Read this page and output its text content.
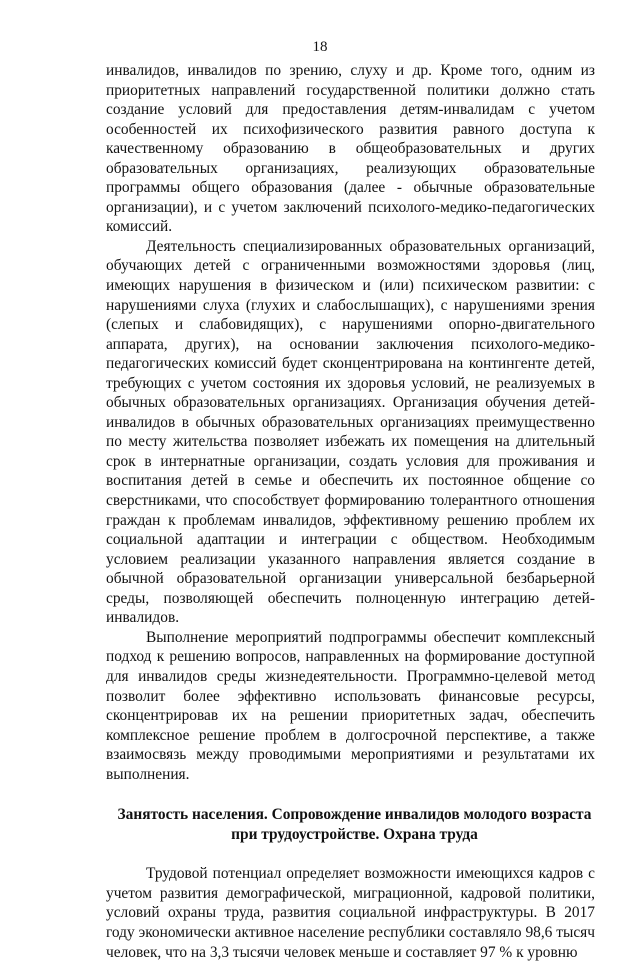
18

инвалидов, инвалидов по зрению, слуху и др. Кроме того, одним из приоритетных направлений государственной политики должно стать создание условий для предоставления детям-инвалидам с учетом особенностей их психофизического развития равного доступа к качественному образованию в общеобразовательных и других образовательных организациях, реализующих образовательные программы общего образования (далее - обычные образовательные организации), и с учетом заключений психолого-медико-педагогических комиссий.

Деятельность специализированных образовательных организаций, обучающих детей с ограниченными возможностями здоровья (лиц, имеющих нарушения в физическом и (или) психическом развитии: с нарушениями слуха (глухих и слабослышащих), с нарушениями зрения (слепых и слабовидящих), с нарушениями опорно-двигательного аппарата, других), на основании заключения психолого-медико-педагогических комиссий будет сконцентрирована на контингенте детей, требующих с учетом состояния их здоровья условий, не реализуемых в обычных образовательных организациях. Организация обучения детей-инвалидов в обычных образовательных организациях преимущественно по месту жительства позволяет избежать их помещения на длительный срок в интернатные организации, создать условия для проживания и воспитания детей в семье и обеспечить их постоянное общение со сверстниками, что способствует формированию толерантного отношения граждан к проблемам инвалидов, эффективному решению проблем их социальной адаптации и интеграции с обществом. Необходимым условием реализации указанного направления является создание в обычной образовательной организации универсальной безбарьерной среды, позволяющей обеспечить полноценную интеграцию детей-инвалидов.

Выполнение мероприятий подпрограммы обеспечит комплексный подход к решению вопросов, направленных на формирование доступной для инвалидов среды жизнедеятельности. Программно-целевой метод позволит более эффективно использовать финансовые ресурсы, сконцентрировав их на решении приоритетных задач, обеспечить комплексное решение проблем в долгосрочной перспективе, а также взаимосвязь между проводимыми мероприятиями и результатами их выполнения.

Занятость населения. Сопровождение инвалидов молодого возраста при трудоустройстве. Охрана труда

Трудовой потенциал определяет возможности имеющихся кадров с учетом развития демографической, миграционной, кадровой политики, условий охраны труда, развития социальной инфраструктуры. В 2017 году экономически активное население республики составляло 98,6 тысяч человек, что на 3,3 тысячи человек меньше и составляет 97 % к уровню
